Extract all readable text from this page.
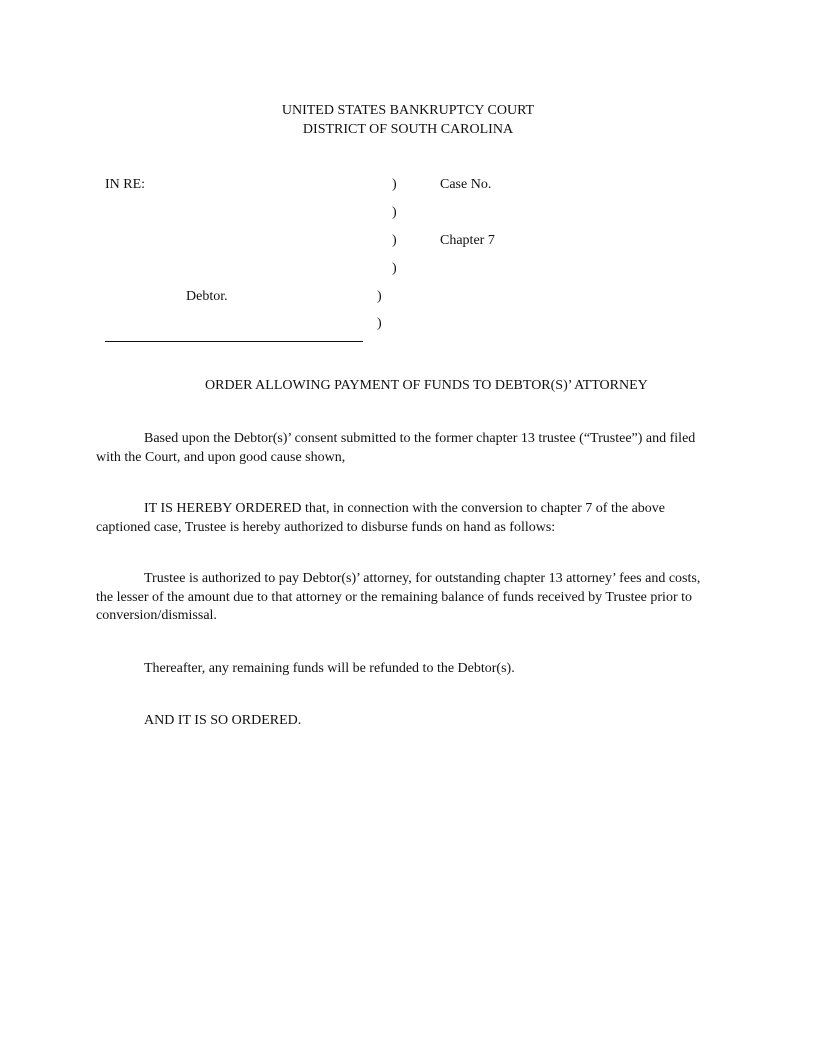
UNITED STATES BANKRUPTCY COURT
DISTRICT OF SOUTH CAROLINA
IN RE:	)
)
)
)
)
)
Case No.
Chapter 7
Debtor.
ORDER ALLOWING PAYMENT OF FUNDS TO DEBTOR(S)’ ATTORNEY
Based upon the Debtor(s)’ consent submitted to the former chapter 13 trustee (“Trustee”) and filed with the Court, and upon good cause shown,
IT IS HEREBY ORDERED that, in connection with the conversion to chapter 7 of the above captioned case, Trustee is hereby authorized to disburse funds on hand as follows:
Trustee is authorized to pay Debtor(s)’ attorney, for outstanding chapter 13 attorney’ fees and costs, the lesser of the amount due to that attorney or the remaining balance of funds received by Trustee prior to conversion/dismissal.
Thereafter, any remaining funds will be refunded to the Debtor(s).
AND IT IS SO ORDERED.
